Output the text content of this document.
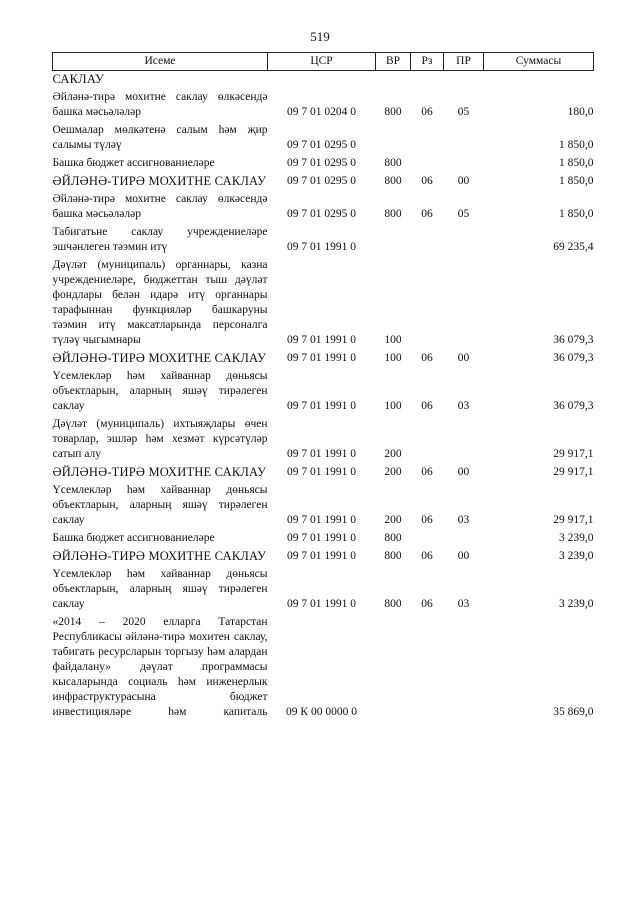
519
Исеме	ЦСР	ВР	Рз	ПР	Суммасы
САКЛАУ					
Әйләнә-тирә мохитне саклау өлкәсендә башка мәсьәләләр	09 7 01 0204 0	800	06	05	180,0
Оешмалар мөлкәтенә салым һәм җир салымы түләү	09 7 01 0295 0				1 850,0
Башка бюджет ассигнованиеләре	09 7 01 0295 0	800			1 850,0
ӘЙЛӘНӘ-ТИРӘ МОХИТНЕ САКЛАУ	09 7 01 0295 0	800	06	00	1 850,0
Әйләнә-тирә мохитне саклау өлкәсендә башка мәсьәләләр	09 7 01 0295 0	800	06	05	1 850,0
Табигатьне саклау учреждениеләре эшчәнлеген тәэмин итү	09 7 01 1991 0				69 235,4
Дәүләт (муниципаль) органнары, казна учреждениеләре, бюджеттан тыш дәүләт фондлары белән идарә итү органнары тарафыннан функцияләр башкаруны тәэмин итү максатларында персоналга түләү чыгымнары	09 7 01 1991 0	100			36 079,3
ӘЙЛӘНӘ-ТИРӘ МОХИТНЕ САКЛАУ	09 7 01 1991 0	100	06	00	36 079,3
Үсемлекләр һәм хайваннар дөньясы объектларын, аларның яшәү тирәлеген саклау	09 7 01 1991 0	100	06	03	36 079,3
Дәүләт (муниципаль) ихтыяҗлары өчен товарлар, эшләр һәм хезмәт күрсәтүләр сатып алу	09 7 01 1991 0	200			29 917,1
ӘЙЛӘНӘ-ТИРӘ МОХИТНЕ САКЛАУ	09 7 01 1991 0	200	06	00	29 917,1
Үсемлекләр һәм хайваннар дөньясы объектларын, аларның яшәү тирәлеген саклау	09 7 01 1991 0	200	06	03	29 917,1
Башка бюджет ассигнованиеләре	09 7 01 1991 0	800			3 239,0
ӘЙЛӘНӘ-ТИРӘ МОХИТНЕ САКЛАУ	09 7 01 1991 0	800	06	00	3 239,0
Үсемлекләр һәм хайваннар дөньясы объектларын, аларның яшәү тирәлеген саклау	09 7 01 1991 0	800	06	03	3 239,0
«2014 – 2020 елларга Татарстан Республикасы әйләнә-тирә мохитен саклау, табигать ресурсларын торгызу һәм алардан файдалану» дәүләт программасы кысаларында социаль һәм инженерлык инфраструктурасына бюджет инвестицияләре һәм капиталь	09 К 00 0000 0				35 869,0
